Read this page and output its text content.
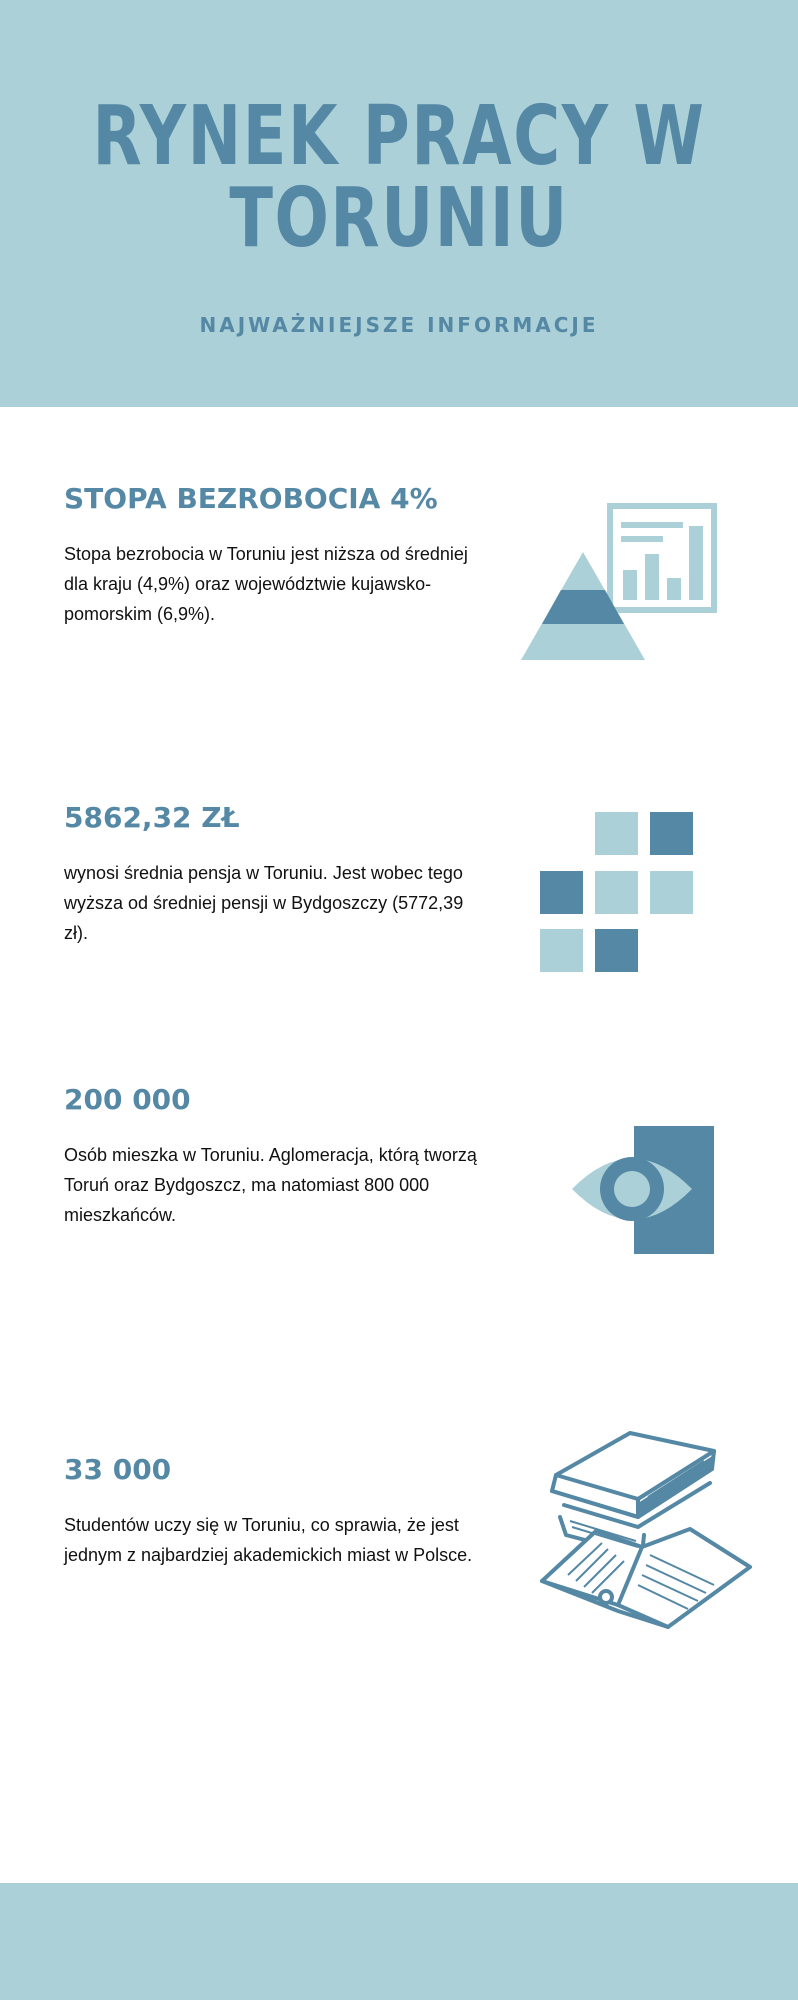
RYNEK PRACY W
TORUNIU
NAJWAŻNIEJSZE INFORMACJE
STOPA BEZROBOCIA 4%

Stopa bezrobocia w Toruniu jest niższa od średniej dla kraju (4,9%) oraz województwie kujawsko-pomorskim (6,9%).

5862,32 ZŁ

wynosi średnia pensja w Toruniu. Jest wobec tego wyższa od średniej pensji w Bydgoszczy (5772,39 zł).

200 000

Osób mieszka w Toruniu. Aglomeracja, którą tworzą Toruń oraz Bydgoszcz, ma natomiast 800 000 mieszkańców.

33 000

Studentów uczy się w Toruniu, co sprawia, że jest jednym z najbardziej akademickich miast w Polsce.
